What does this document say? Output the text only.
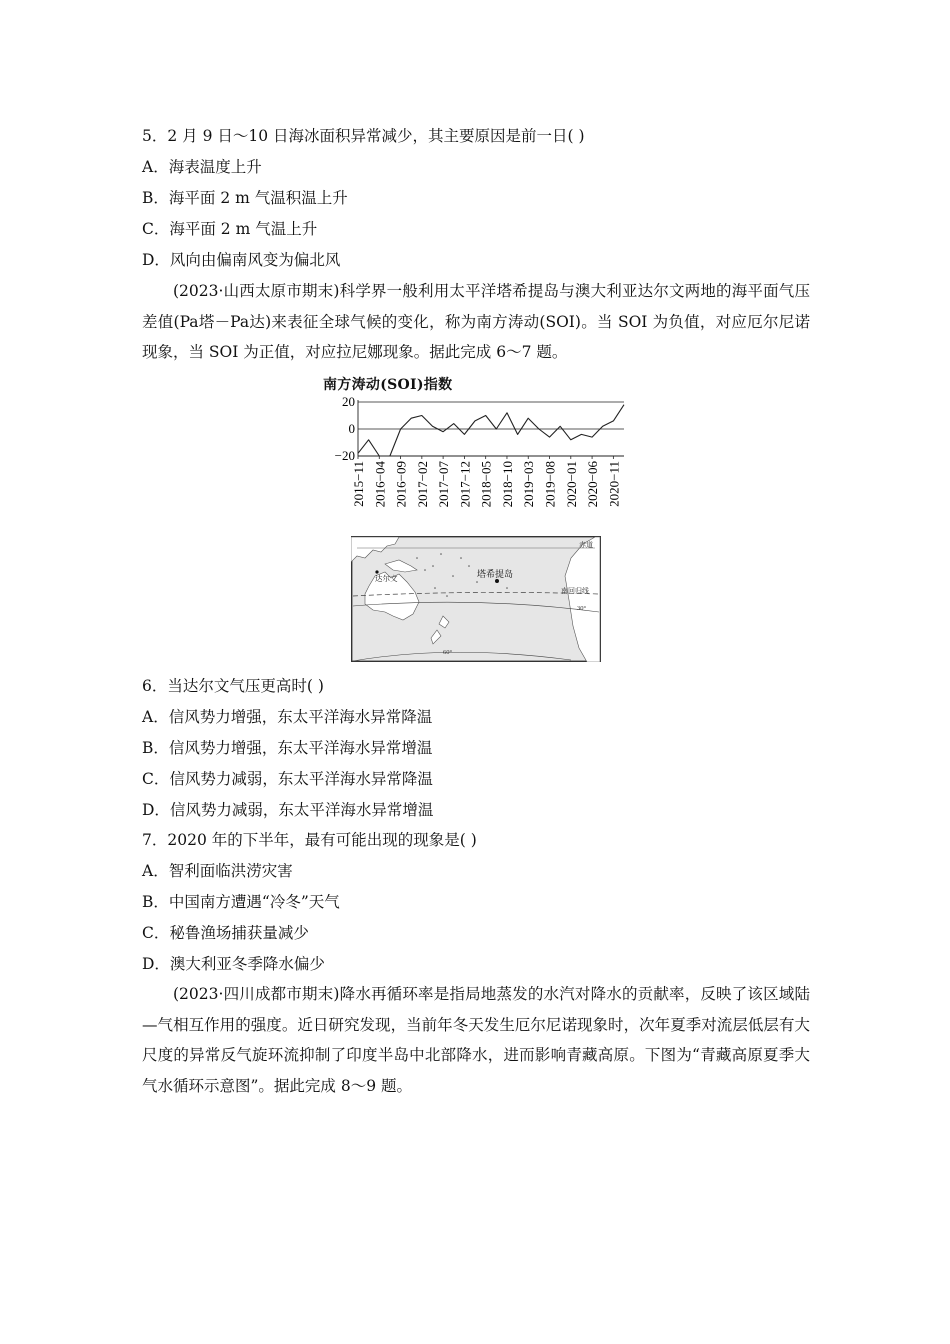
5．2 月 9 日～10 日海冰面积异常减少，其主要原因是前一日( )
A．海表温度上升
B．海平面 2 m 气温积温上升
C．海平面 2 m 气温上升
D．风向由偏南风变为偏北风
(2023·山西太原市期末)科学界一般利用太平洋塔希提岛与澳大利亚达尔文两地的海平面气压差值(Pa塔－Pa达)来表征全球气候的变化，称为南方涛动(SOI)。当 SOI 为负值，对应厄尔尼诺现象，当 SOI 为正值，对应拉尼娜现象。据此完成 6～7 题。
南方涛动(SOI)指数
20
0
−20
2015−11 2016−04 2016−09 2017−02 2017−07 2017−12 2018−05 2018−10 2019−03 2019−08 2020−01 2020−06 2020−11
赤道
南回归线
30°
60°
塔希提岛
达尔文
6．当达尔文气压更高时( )
A．信风势力增强，东太平洋海水异常降温
B．信风势力增强，东太平洋海水异常增温
C．信风势力减弱，东太平洋海水异常降温
D．信风势力减弱，东太平洋海水异常增温
7．2020 年的下半年，最有可能出现的现象是( )
A．智利面临洪涝灾害
B．中国南方遭遇“冷冬”天气
C．秘鲁渔场捕获量减少
D．澳大利亚冬季降水偏少
(2023·四川成都市期末)降水再循环率是指局地蒸发的水汽对降水的贡献率，反映了该区域陆—气相互作用的强度。近日研究发现，当前年冬天发生厄尔尼诺现象时，次年夏季对流层低层有大尺度的异常反气旋环流抑制了印度半岛中北部降水，进而影响青藏高原。下图为“青藏高原夏季大气水循环示意图”。据此完成 8～9 题。
